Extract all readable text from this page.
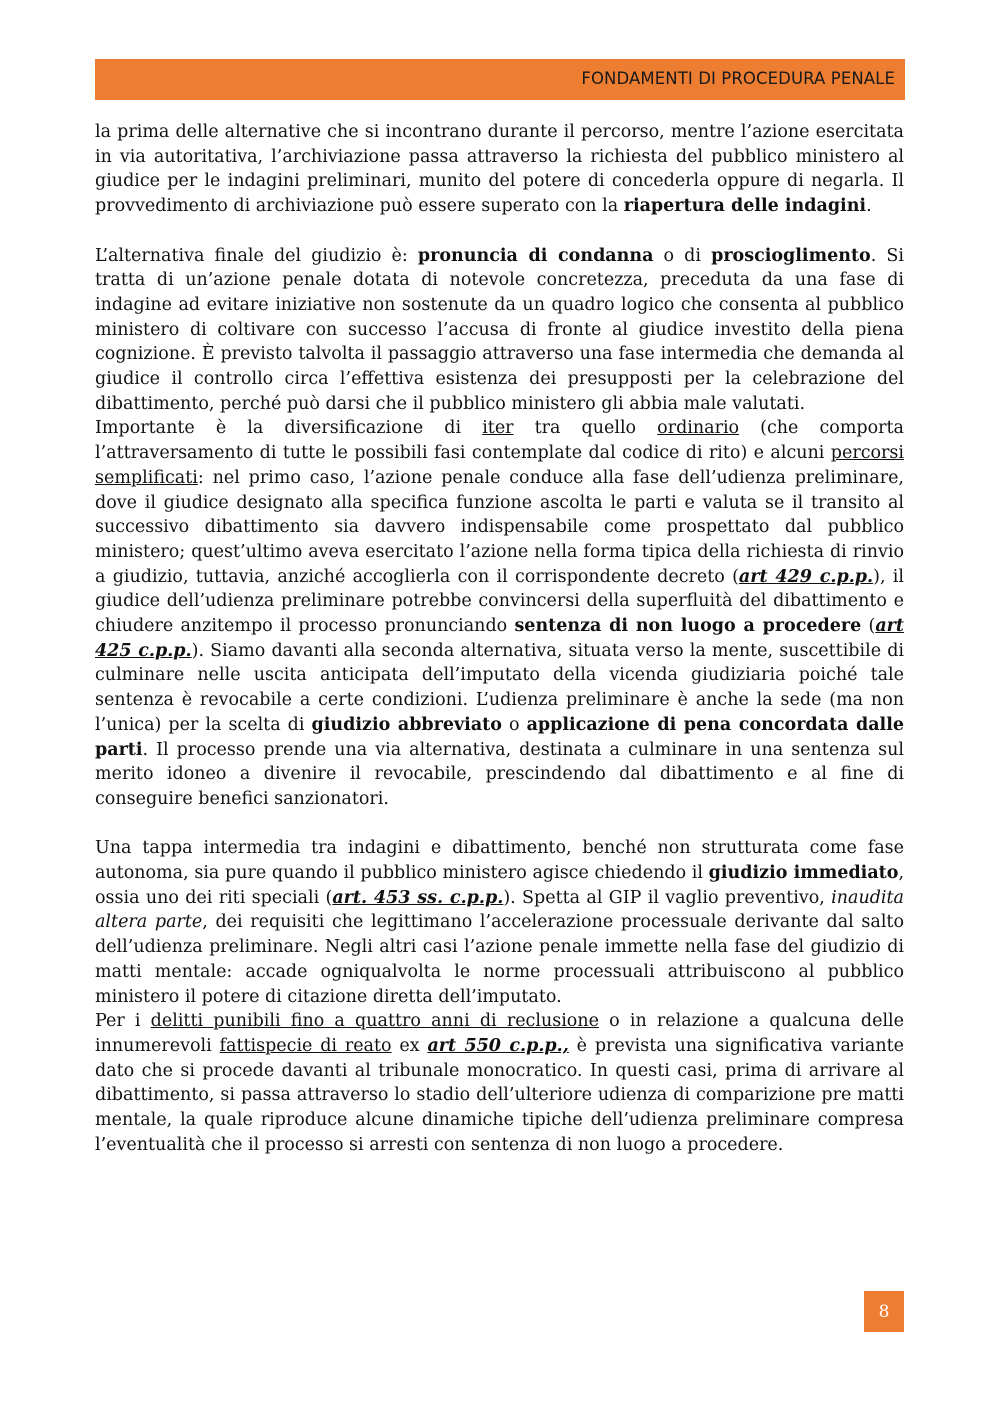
FONDAMENTI DI PROCEDURA PENALE

la prima delle alternative che si incontrano durante il percorso, mentre l’azione esercitata in via autoritativa, l’archiviazione passa attraverso la richiesta del pubblico ministero al giudice per le indagini preliminari, munito del potere di concederla oppure di negarla. Il provvedimento di archiviazione può essere superato con la riapertura delle indagini.

L’alternativa finale del giudizio è: pronuncia di condanna o di proscioglimento. Si tratta di un’azione penale dotata di notevole concretezza, preceduta da una fase di indagine ad evitare iniziative non sostenute da un quadro logico che consenta al pubblico ministero di coltivare con successo l’accusa di fronte al giudice investito della piena cognizione. È previsto talvolta il passaggio attraverso una fase intermedia che demanda al giudice il controllo circa l’effettiva esistenza dei presupposti per la celebrazione del dibattimento, perché può darsi che il pubblico ministero gli abbia male valutati.

Importante è la diversificazione di iter tra quello ordinario (che comporta l’attraversamento di tutte le possibili fasi contemplate dal codice di rito) e alcuni percorsi semplificati: nel primo caso, l’azione penale conduce alla fase dell’udienza preliminare, dove il giudice designato alla specifica funzione ascolta le parti e valuta se il transito al successivo dibattimento sia davvero indispensabile come prospettato dal pubblico ministero; quest’ultimo aveva esercitato l’azione nella forma tipica della richiesta di rinvio a giudizio, tuttavia, anziché accoglierla con il corrispondente decreto (art 429 c.p.p.), il giudice dell’udienza preliminare potrebbe convincersi della superfluità del dibattimento e chiudere anzitempo il processo pronunciando sentenza di non luogo a procedere (art 425 c.p.p.). Siamo davanti alla seconda alternativa, situata verso la mente, suscettibile di culminare nelle uscita anticipata dell’imputato della vicenda giudiziaria poiché tale sentenza è revocabile a certe condizioni. L’udienza preliminare è anche la sede (ma non l’unica) per la scelta di giudizio abbreviato o applicazione di pena concordata dalle parti. Il processo prende una via alternativa, destinata a culminare in una sentenza sul merito idoneo a divenire il revocabile, prescindendo dal dibattimento e al fine di conseguire benefici sanzionatori.

Una tappa intermedia tra indagini e dibattimento, benché non strutturata come fase autonoma, sia pure quando il pubblico ministero agisce chiedendo il giudizio immediato, ossia uno dei riti speciali (art. 453 ss. c.p.p.). Spetta al GIP il vaglio preventivo, inaudita altera parte, dei requisiti che legittimano l’accelerazione processuale derivante dal salto dell’udienza preliminare. Negli altri casi l’azione penale immette nella fase del giudizio di matti mentale: accade ogniqualvolta le norme processuali attribuiscono al pubblico ministero il potere di citazione diretta dell’imputato.

Per i delitti punibili fino a quattro anni di reclusione o in relazione a qualcuna delle innumerevoli fattispecie di reato ex art 550 c.p.p., è prevista una significativa variante dato che si procede davanti al tribunale monocratico. In questi casi, prima di arrivare al dibattimento, si passa attraverso lo stadio dell’ulteriore udienza di comparizione pre matti mentale, la quale riproduce alcune dinamiche tipiche dell’udienza preliminare compresa l’eventualità che il processo si arresti con sentenza di non luogo a procedere.

8
